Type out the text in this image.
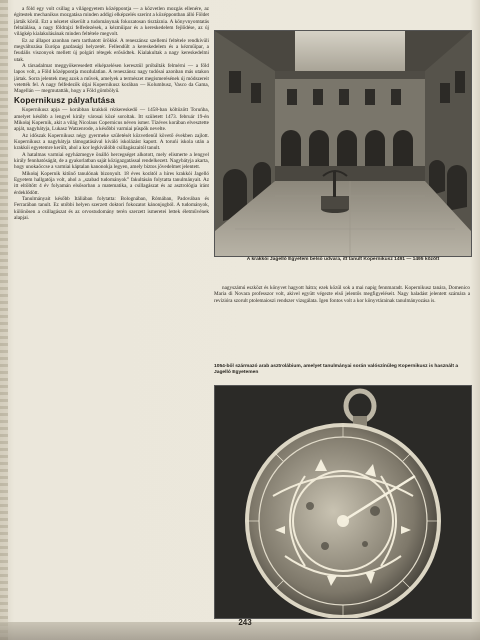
a föld egy volt csillag a világegyetem középpontja — a közvetlen mozgás ellenére, az égitestek mechanikus mozgatása minden addigi elképzelés szerint a középpontban álló Földet járták körül. Ezt a nézetet sikerült a tudománynak fokozatosan tisztáznia. A könyvnyomtatás feltalálása, a nagy földrajzi felfedezések, a kézműipar és a kereskedelem fejlődése, az új világkép kialakulásának minden feltétele megvolt.

Ez az állapot azonban nem tarthatott örökké. A reneszánsz szellemi feltétele rendkívüli megváltozása Európa gazdasági helyzetét. Fellendült a kereskedelem és a kézműipar, a feudális viszonyok mellett új polgári rétegek erősödtek. Kialakultak a nagy kereskedelmi utak.

A társadalmat meggyökeresedett elképzelésen keresztül próbálták felmérni — a föld lapos volt, a Föld középpontja mozdulatlan. A reneszánsz nagy tudósai azonban más utakon jártak. Sorra jelentek meg azok a művek, amelyek a természet megismerésének új módszereit vetették fel. A nagy felfedezők útjai Kopernikusz korában — Kolumbusz, Vasco da Gama, Magellán — megmutatták, hogy a Föld gömbölyű.

Kopernikusz pályafutása

Kopernikusz apja — korábban krakkói rézkereskedő — 1458-ban költözött Toruńba, amelyet később a lengyel király városai közé soroltak. Itt született 1473. február 19-én Mikołaj Kopernik, akit a világ Nicolaus Copernicus néven ismer. Tízéves korában elvesztette apját, nagybátyja, Lukasz Watzenrode, a későbbi varmiai püspök nevelte.

Az időszak Kopernikusz négy gyermeke születését közvetlenül követő években zajlott. Kopernikusz a nagybátyja támogatásával kiváló iskolázást kapott. A toruńi iskola után a krakkói egyetemre került, ahol a kor legkiválóbb csillagászaitól tanult.

A hatalmas varmiai egyházmegye önálló hercegséget alkotott, mely elismerte a lengyel király fennhatóságát, de a gyakorlatban saját közigazgatással rendelkezett. Nagybátyja akarta, hogy unokaöccse a varmiai káptalan kanonokja legyen, amely biztos jövedelmet jelentett.

Mikołaj Kopernik kitűnő tanulónak bizonyult. 18 éves korától a híres krakkói Jagelló Egyetem hallgatója volt, ahol a „szabad tudományok” fakultásán folytatta tanulmányait. Az itt eltöltött 4 év folyamán elsősorban a matematika, a csillagászat és az asztrológia iránt érdeklődött.

Tanulmányait később Itáliában folytatta: Bolognában, Rómában, Padovában és Ferrarában tanult. Ez utóbbi helyen szerzett doktori fokozatot kánonjogból. A tudományok, különösen a csillagászat és az orvostudomány terén szerzett ismeretei lettek életművének alapjai.

A krakkói Jagelló Egyetem belső udvara, itt tanult Kopernikusz 1491 — 1495 között

nagyszámú eszközt és könyvet hagyott hátra; ezek közül sok a mai napig fennmaradt. Kopernikusz tanára, Domenico Maria di Novara professzor volt, akivel együtt végezte első jelentős megfigyeléseit. Nagy haladást jelentett számára a revízióra szorult ptolemaioszi rendszer vizsgálata. Igen fontos volt a kor könyvtárainak tanulmányozása is.

1054-ből származó arab asztrolábium, amelyet tanulmányai során valószínűleg Kopernikusz is használt a Jagelló Egyetemen
243
